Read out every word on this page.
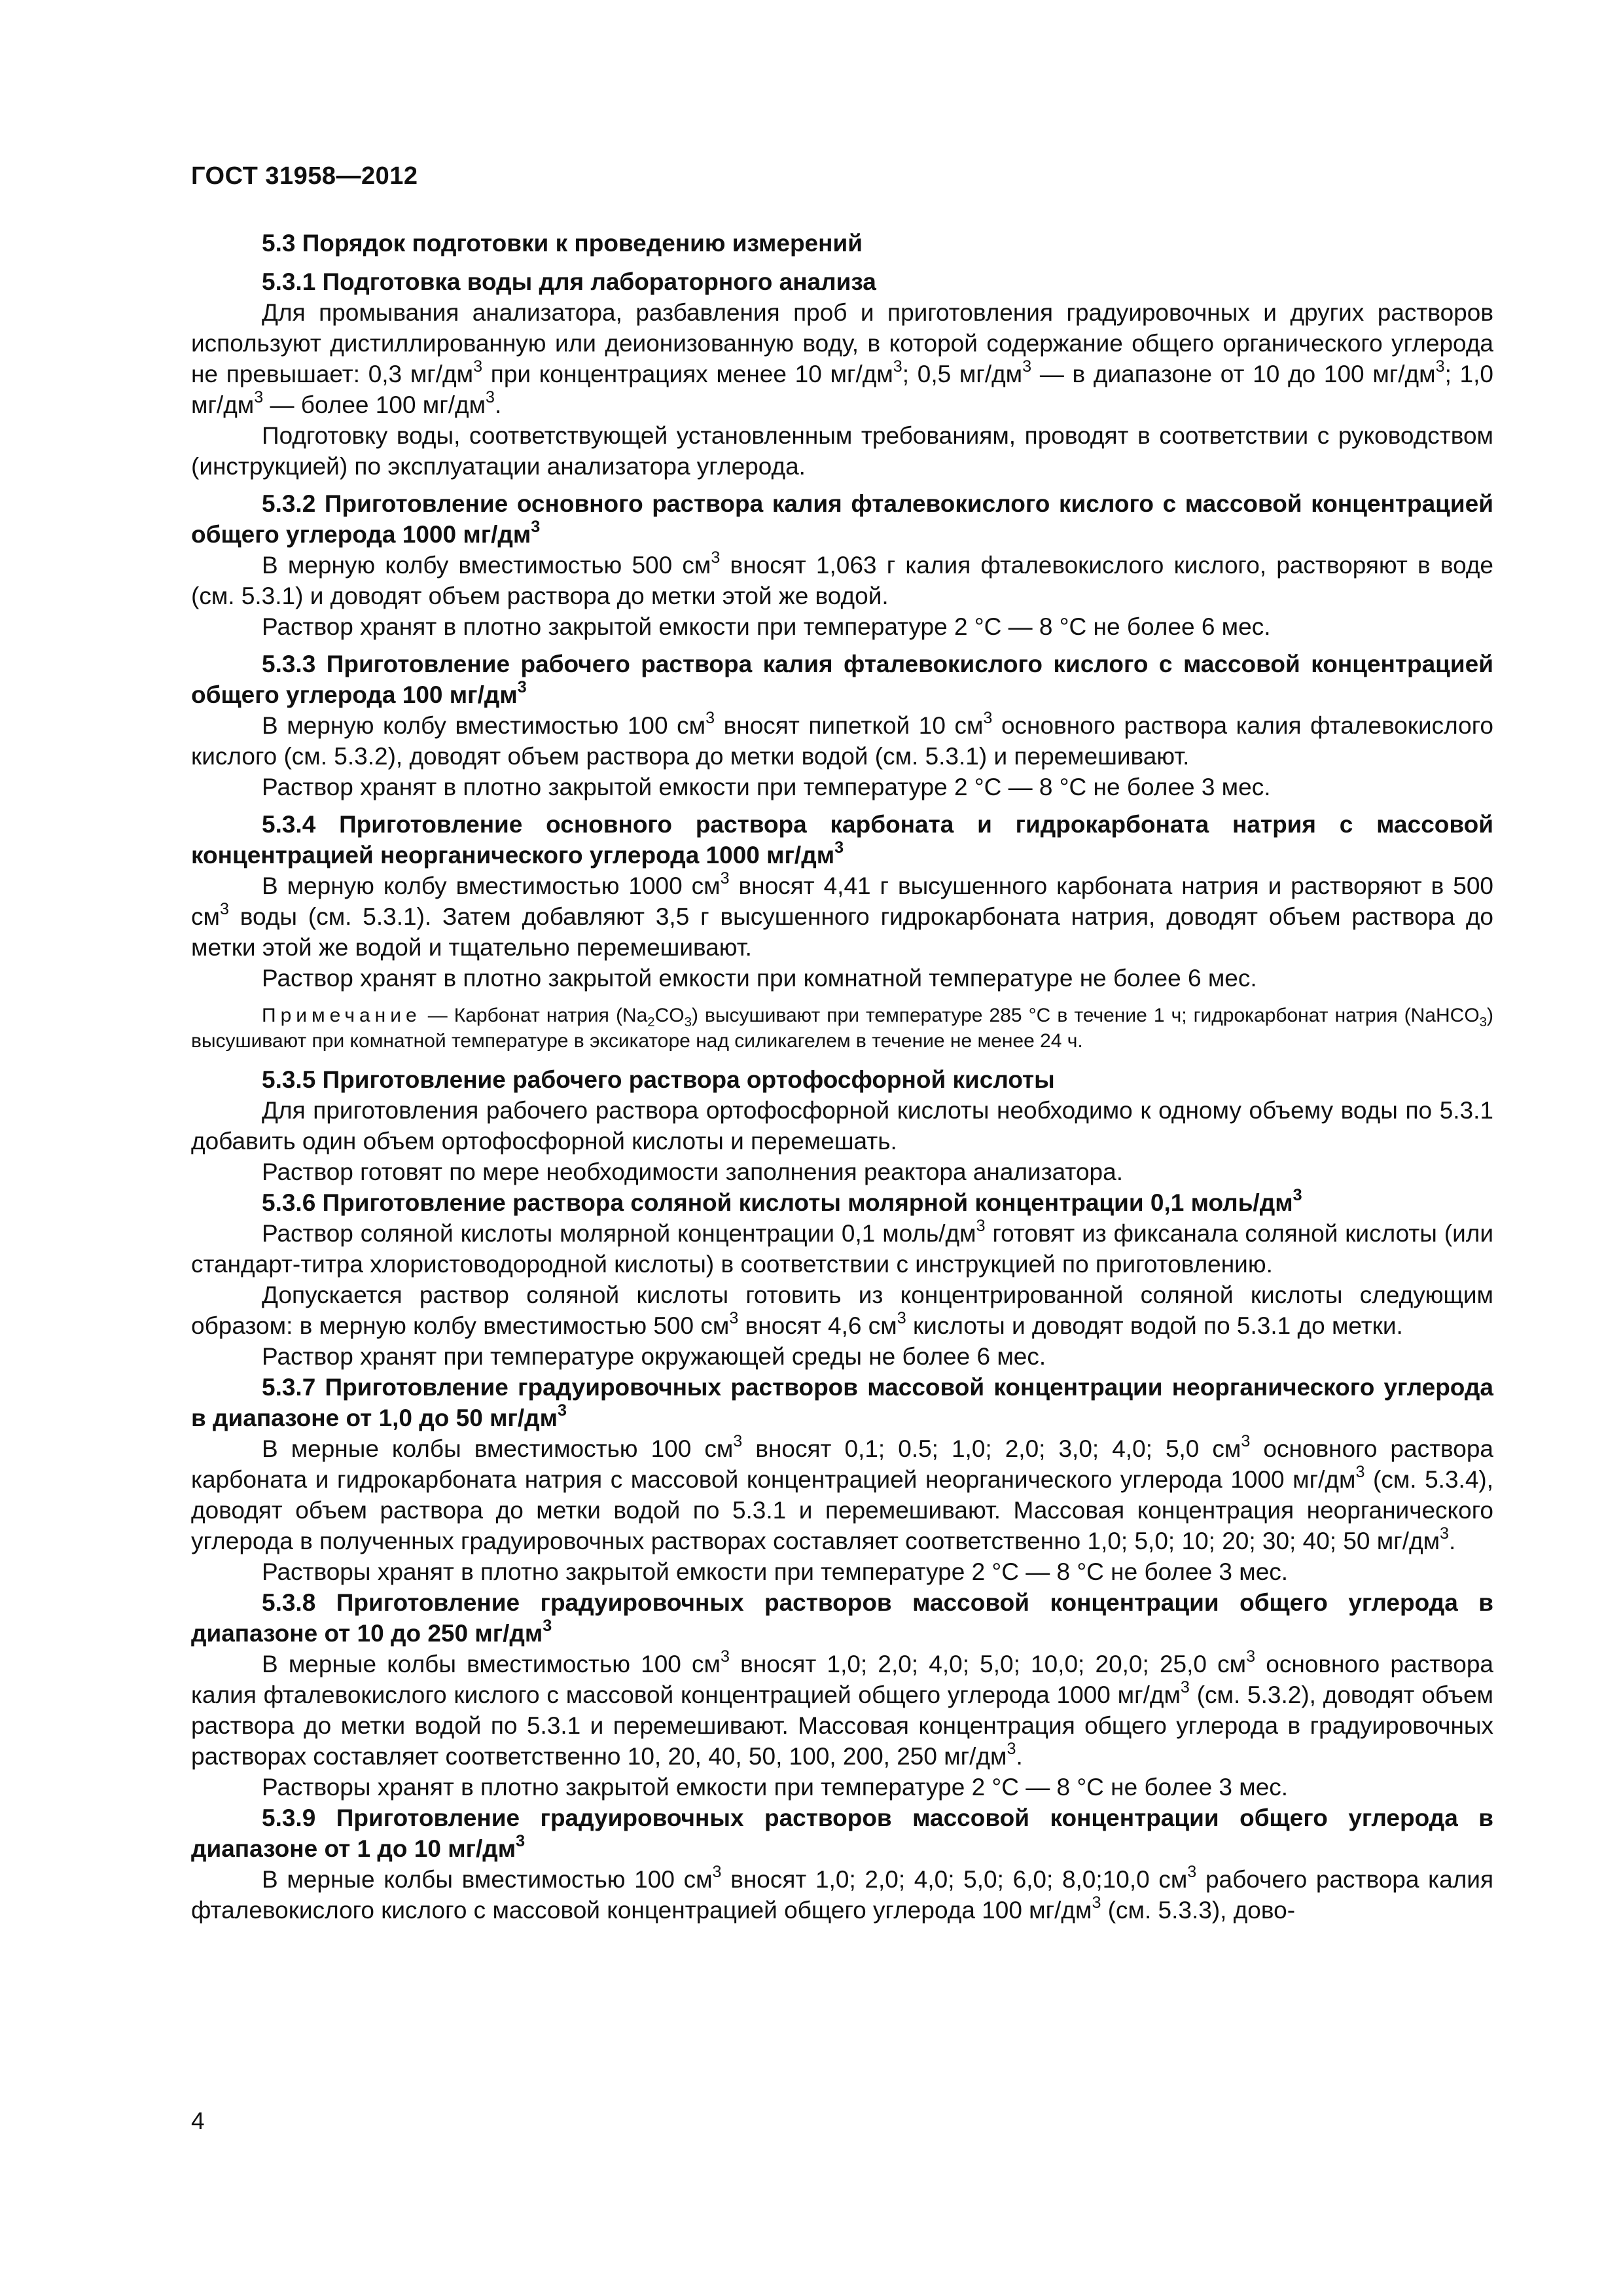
ГОСТ 31958—2012

5.3 Порядок подготовки к проведению измерений

5.3.1 Подготовка воды для лабораторного анализа

Для промывания анализатора, разбавления проб и приготовления градуировочных и других растворов используют дистиллированную или деионизованную воду, в которой содержание общего органического углерода не превышает: 0,3 $мг/дм^3$ при концентрациях менее 10 $мг/дм^3$; 0,5 $мг/дм^3$ — в диапазоне от 10 до 100 $мг/дм^3$; 1,0 $мг/дм^3$ — более 100 $мг/дм^3$.

Подготовку воды, соответствующей установленным требованиям, проводят в соответствии с руководством (инструкцией) по эксплуатации анализатора углерода.

5.3.2 Приготовление основного раствора калия фталевокислого кислого с массовой концентрацией общего углерода 1000 $мг/дм^3$

В мерную колбу вместимостью 500 $см^3$ вносят 1,063 г калия фталевокислого кислого, растворяют в воде (см. 5.3.1) и доводят объем раствора до метки этой же водой.

Раствор хранят в плотно закрытой емкости при температуре 2 °С — 8 °С не более 6 мес.

5.3.3 Приготовление рабочего раствора калия фталевокислого кислого с массовой концентрацией общего углерода 100 $мг/дм^3$

В мерную колбу вместимостью 100 $см^3$ вносят пипеткой 10 $см^3$ основного раствора калия фталевокислого кислого (см. 5.3.2), доводят объем раствора до метки водой (см. 5.3.1) и перемешивают.

Раствор хранят в плотно закрытой емкости при температуре 2 °С — 8 °С не более 3 мес.

5.3.4 Приготовление основного раствора карбоната и гидрокарбоната натрия с массовой концентрацией неорганического углерода 1000 $мг/дм^3$

В мерную колбу вместимостью 1000 $см^3$ вносят 4,41 г высушенного карбоната натрия и растворяют в 500 $см^3$ воды (см. 5.3.1). Затем добавляют 3,5 г высушенного гидрокарбоната натрия, доводят объем раствора до метки этой же водой и тщательно перемешивают.

Раствор хранят в плотно закрытой емкости при комнатной температуре не более 6 мес.

Примечание — Карбонат натрия $(Na_2CO_3)$ высушивают при температуре 285 °С в течение 1 ч; гидрокарбонат натрия (NaHCO$_3$) высушивают при комнатной температуре в эксикаторе над силикагелем в течение не менее 24 ч.

5.3.5 Приготовление рабочего раствора ортофосфорной кислоты

Для приготовления рабочего раствора ортофосфорной кислоты необходимо к одному объему воды по 5.3.1 добавить один объем ортофосфорной кислоты и перемешать.

Раствор готовят по мере необходимости заполнения реактора анализатора.

5.3.6 Приготовление раствора соляной кислоты молярной концентрации 0,1 моль/$дм^3$

Раствор соляной кислоты молярной концентрации 0,1 моль/$дм^3$ готовят из фиксанала соляной кислоты (или стандарт-титра хлористоводородной кислоты) в соответствии с инструкцией по приготовлению.

Допускается раствор соляной кислоты готовить из концентрированной соляной кислоты следующим образом: в мерную колбу вместимостью 500 $см^3$ вносят 4,6 $см^3$ кислоты и доводят водой по 5.3.1 до метки.

Раствор хранят при температуре окружающей среды не более 6 мес.

5.3.7 Приготовление градуировочных растворов массовой концентрации неорганического углерода в диапазоне от 1,0 до 50 $мг/дм^3$

В мерные колбы вместимостью 100 $см^3$ вносят 0,1; 0.5; 1,0; 2,0; 3,0; 4,0; 5,0 $см^3$ основного раствора карбоната и гидрокарбоната натрия с массовой концентрацией неорганического углерода 1000 $мг/дм^3$ (см. 5.3.4), доводят объем раствора до метки водой по 5.3.1 и перемешивают. Массовая концентрация неорганического углерода в полученных градуировочных растворах составляет соответственно 1,0; 5,0; 10; 20; 30; 40; 50 $мг/дм^3$.

Растворы хранят в плотно закрытой емкости при температуре 2 °С — 8 °С не более 3 мес.

5.3.8 Приготовление градуировочных растворов массовой концентрации общего углерода в диапазоне от 10 до 250 $мг/дм^3$

В мерные колбы вместимостью 100 $см^3$ вносят 1,0; 2,0; 4,0; 5,0; 10,0; 20,0; 25,0 $см^3$ основного раствора калия фталевокислого кислого с массовой концентрацией общего углерода 1000 $мг/дм^3$ (см. 5.3.2), доводят объем раствора до метки водой по 5.3.1 и перемешивают. Массовая концентрация общего углерода в градуировочных растворах составляет соответственно 10, 20, 40, 50, 100, 200, 250 $мг/дм^3$.

Растворы хранят в плотно закрытой емкости при температуре 2 °С — 8 °С не более 3 мес.

5.3.9 Приготовление градуировочных растворов массовой концентрации общего углерода в диапазоне от 1 до 10 $мг/дм^3$

В мерные колбы вместимостью 100 $см^3$ вносят 1,0; 2,0; 4,0; 5,0; 6,0; 8,0;10,0 $см^3$ рабочего раствора калия фталевокислого кислого с массовой концентрацией общего углерода 100 $мг/дм^3$ (см. 5.3.3), дово-

4
